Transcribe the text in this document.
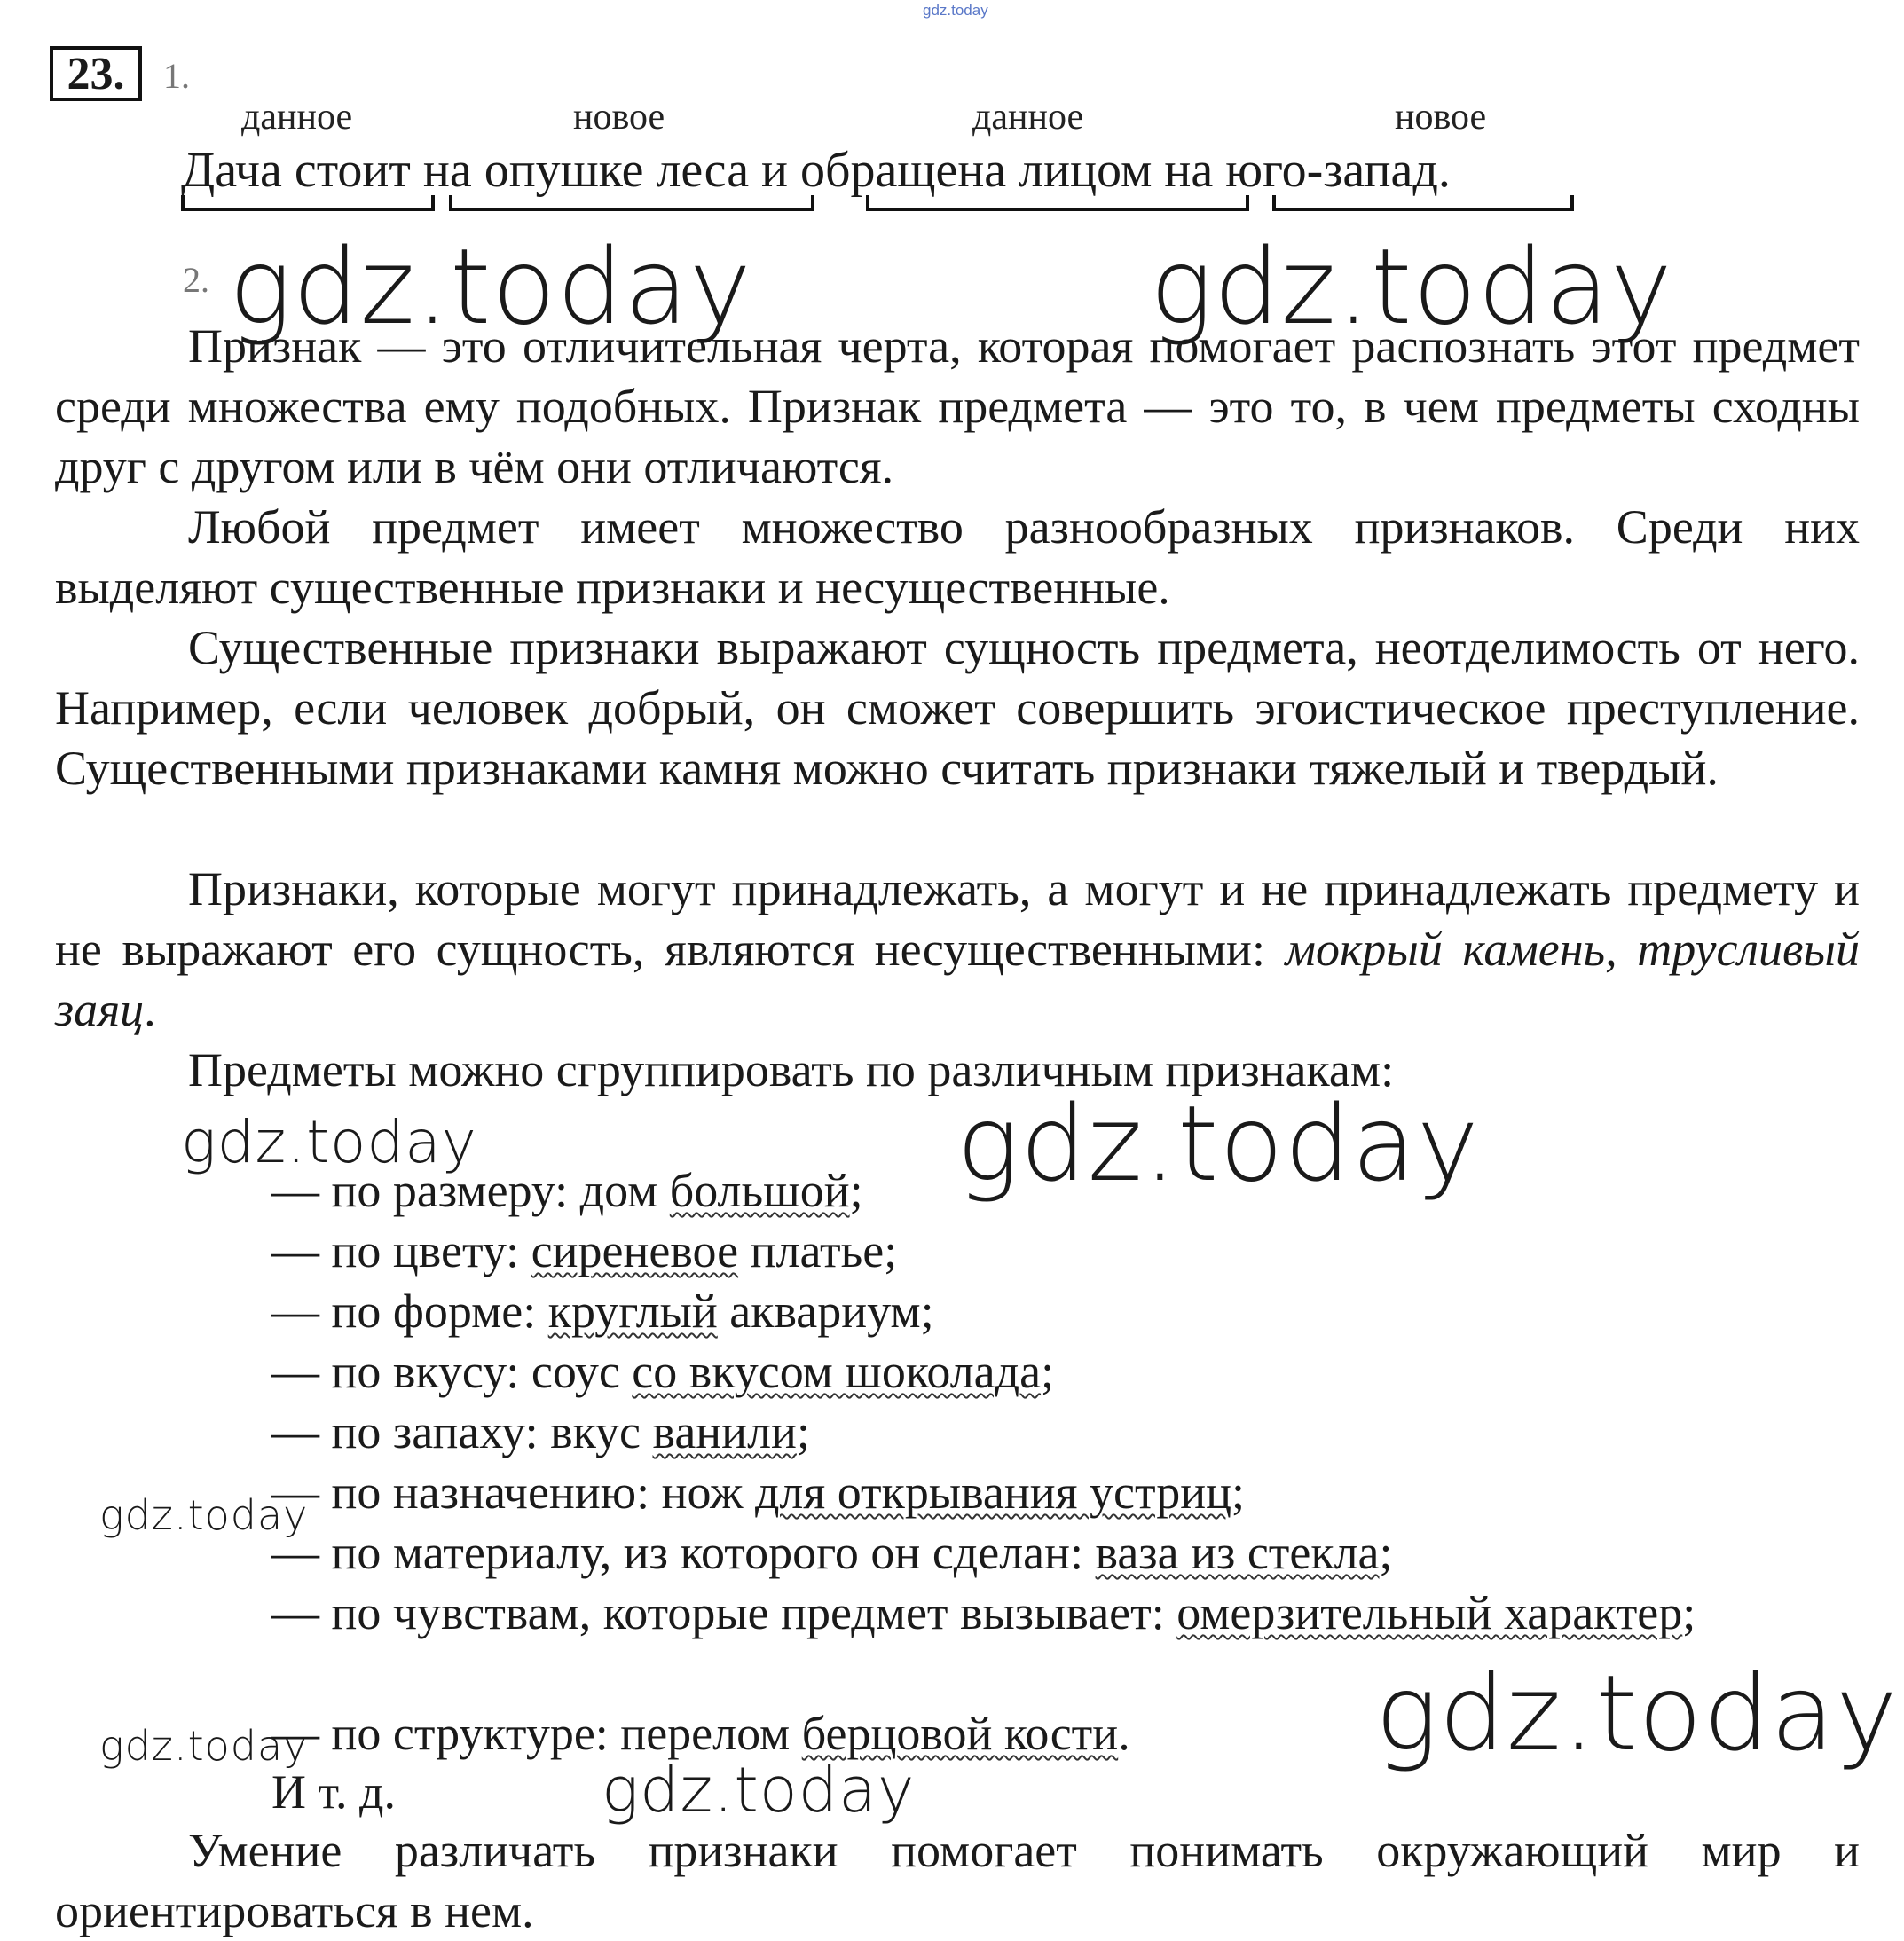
gdz.today
23.	1.
данное	новое	данное	новое
Дача стоит на опушке леса и обращена лицом на юго-запад.
2.

Признак — это отличительная черта, которая помогает распознать этот предмет среди множества ему подобных. Признак предмета — это то, в чем предметы сходны друг с другом или в чём они отличаются.

Любой предмет имеет множество разнообразных признаков. Среди них выделяют существенные признаки и несущественные.

Существенные признаки выражают сущность предмета, неотделимость от него. Например, если человек добрый, он сможет совершить эгоистическое преступление. Существенными признаками камня можно считать признаки тяжелый и твердый.

Признаки, которые могут принадлежать, а могут и не принадлежать предмету и не выражают его сущность, являются несущественными: мокрый камень, трусливый заяц.

Предметы можно сгруппировать по различным признакам:

— по размеру: дом большой;
— по цвету: сиреневое платье;
— по форме: круглый аквариум;
— по вкусу: соус со вкусом шоколада;
— по запаху: вкус ванили;
— по назначению: нож для открывания устриц;
— по материалу, из которого он сделан: ваза из стекла;

— по чувствам, которые предмет вызывает: омерзительный характер;

— по структуре: перелом берцовой кости.
И т. д.

Умение различать признаки помогает понимать окружающий мир и ориентироваться в нем.

gdz.today	gdz.today
gdz.today	gdz.today
gdz.today
gdz.today	gdz.today
gdz.today
